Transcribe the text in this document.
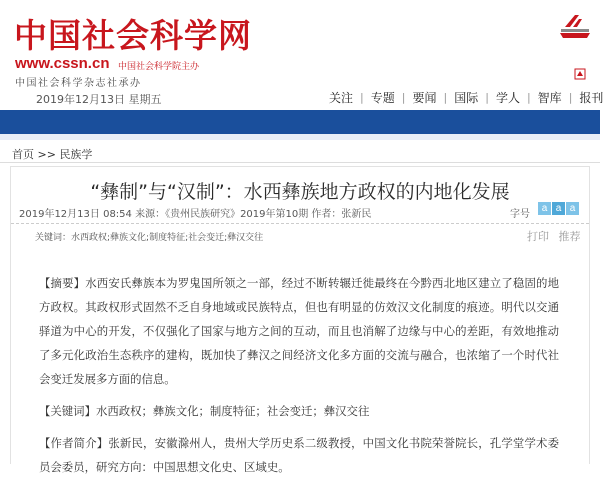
中国社会科学网
www.cssn.cn 中国社会科学院主办
中国社会科学杂志社承办
2019年12月13日 星期五	关注 | 专题 | 要闻 | 国际 | 学人 | 智库 | 报刊
首页 >> 民族学
“彝制”与“汉制”：水西彝族地方政权的内地化发展
2019年12月13日 08:54 来源：《贵州民族研究》2019年第10期 作者：张新民	字号
a a a
关键词：水西政权;彝族文化;制度特征;社会变迁;彝汉交往	打印 推荐

【摘要】水西安氏彝族本为罗鬼国所领之一部，经过不断转辗迁徙最终在今黔西北地区建立了稳固的地方政权。其政权形式固然不乏自身地域或民族特点，但也有明显的仿效汉文化制度的痕迹。明代以交通驿道为中心的开发，不仅强化了国家与地方之间的互动，而且也消解了边缘与中心的差距，有效地推动了多元化政治生态秩序的建构，既加快了彝汉之间经济文化多方面的交流与融合，也浓缩了一个时代社会变迁发展多方面的信息。

【关键词】水西政权；彝族文化；制度特征；社会变迁；彝汉交往

【作者简介】张新民，安徽滁州人，贵州大学历史系二级教授，中国文化书院荣誉院长，孔学堂学术委员会委员，研究方向：中国思想文化史、区域史。
